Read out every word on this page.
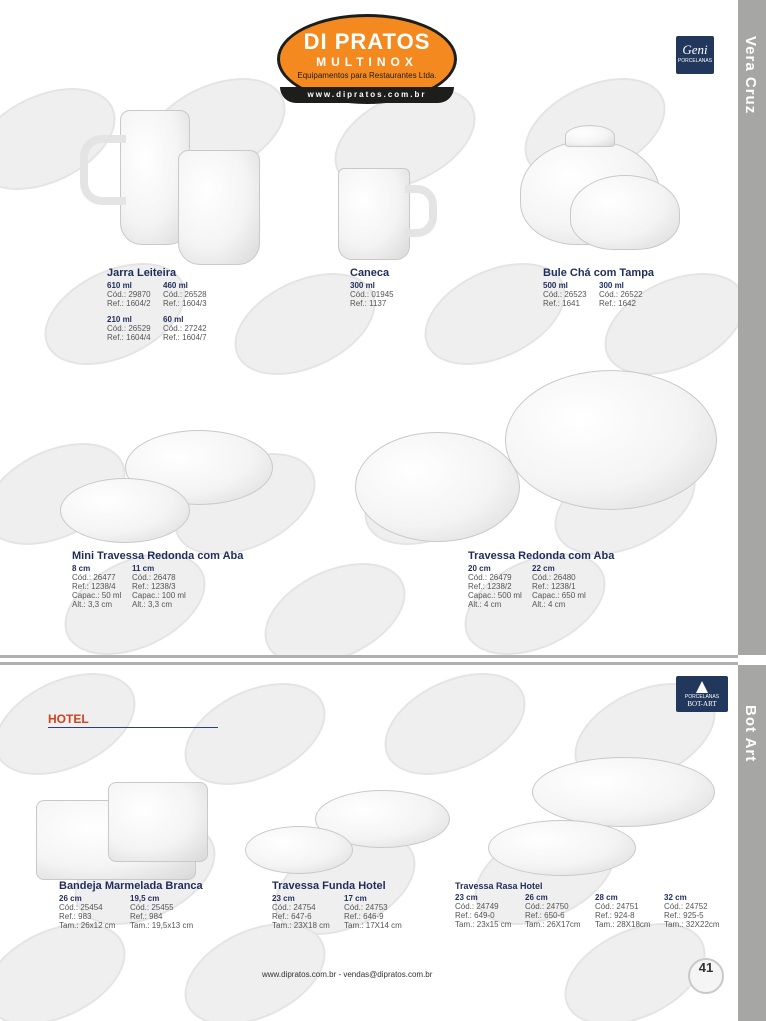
Vera Cruz
Bot Art
DI PRATOS
MULTINOX
Equipamentos para Restaurantes Ltda.
www.dipratos.com.br
Geni
PORCELANAS
PORCELANAS
BOT-ART
Jarra Leiteira
610 ml
Cód.: 29870
Ref.: 1604/2
460 ml
Cód.: 26528
Ref.: 1604/3
210 ml
Cód.: 26529
Ref.: 1604/4
60 ml
Cód.: 27242
Ref.: 1604/7
Caneca
300 ml
Cód.: 01945
Ref.: 1137
Bule Chá com Tampa
500 ml
Cód.: 26523
Ref.: 1641
300 ml
Cód.: 26522
Ref.: 1642
Mini Travessa Redonda com Aba
8 cm
Cód.: 26477
Ref.: 1238/4
Capac.: 50 ml
Alt.: 3,3 cm
11 cm
Cód.: 26478
Ref.: 1238/3
Capac.: 100 ml
Alt.: 3,3 cm
Travessa Redonda com Aba
20 cm
Cód.: 26479
Ref.: 1238/2
Capac.: 500 ml
Alt.: 4 cm
22 cm
Cód.: 26480
Ref.: 1238/1
Capac.: 650 ml
Alt.: 4 cm
HOTEL
Bandeja Marmelada Branca
26 cm
Cód.: 25454
Ref.: 983
Tam.: 26x12 cm
19,5 cm
Cód.: 25455
Ref.: 984
Tam.: 19,5x13 cm
Travessa Funda Hotel
23 cm
Cód.: 24754
Ref.: 647-6
Tam.: 23X18 cm
17 cm
Cód.: 24753
Ref.: 646-9
Tam.: 17X14 cm
Travessa Rasa Hotel
23 cm
Cód.: 24749
Ref.: 649-0
Tam.: 23x15 cm
26 cm
Cód.: 24750
Ref.: 650-6
Tam.: 26X17cm
28 cm
Cód.: 24751
Ref.: 924-8
Tam.: 28X18cm
32 cm
Cód.: 24752
Ref.: 925-5
Tam.: 32X22cm
www.dipratos.com.br - vendas@dipratos.com.br	41
